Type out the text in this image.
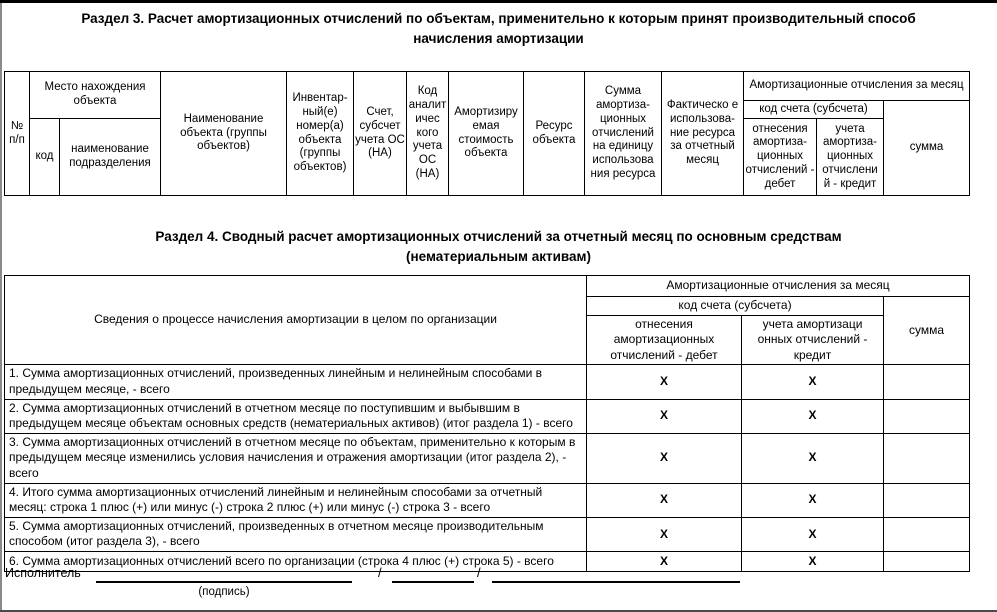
Раздел 3. Расчет амортизационных отчислений по объектам, применительно к которым принят производительный способ начисления амортизации
№ п/п	Место нахождения объекта		Наименование объекта (группы объектов)	Инвентар-ный(е) номер(а) объекта (группы объектов)	Счет, субсчет учета ОС (НА)	Код аналитичес кого учета ОС (НА)	Амортизиру емая стоимость объекта	Ресурс объекта	Сумма амортиза-ционных отчислений на единицу использова ния ресурса	Фактическо е использова-ние ресурса за отчетный месяц	Амортизационные отчисления за месяц		
											код счета (субсчета)		сумма
	код	наименование подразделения									отнесения амортиза-ционных отчислений - дебет	учета амортиза-ционных отчислени й - кредит	
Раздел 4. Сводный расчет амортизационных отчислений за отчетный месяц по основным средствам (нематериальным активам)
Сведения о процессе начисления амортизации в целом по организации	Амортизационные отчисления за месяц		
	код счета (субсчета)		сумма
	отнесения амортизационных отчислений - дебет	учета амортизаци онных отчислений - кредит	
1. Сумма амортизационных отчислений, произведенных линейным и нелинейным способами в предыдущем месяце, - всего	X	X	
2. Сумма амортизационных отчислений в отчетном месяце по поступившим и выбывшим в предыдущем месяце объектам основных средств (нематериальных активов) (итог раздела 1) - всего	X	X	
3. Сумма амортизационных отчислений в отчетном месяце по объектам, применительно к которым в предыдущем месяце изменились условия начисления и отражения амортизации (итог раздела 2), - всего	X	X	
4. Итого сумма амортизационных отчислений линейным и нелинейным способами за отчетный месяц: строка 1 плюс (+) или минус (-) строка 2 плюс (+) или минус (-) строка 3 - всего	X	X	
5. Сумма амортизационных отчислений, произведенных в отчетном месяце производительным способом (итог раздела 3), - всего	X	X	
6. Сумма амортизационных отчислений всего по организации (строка 4 плюс (+) строка 5) - всего	X	X	
Исполнитель
(подпись)
/	/
